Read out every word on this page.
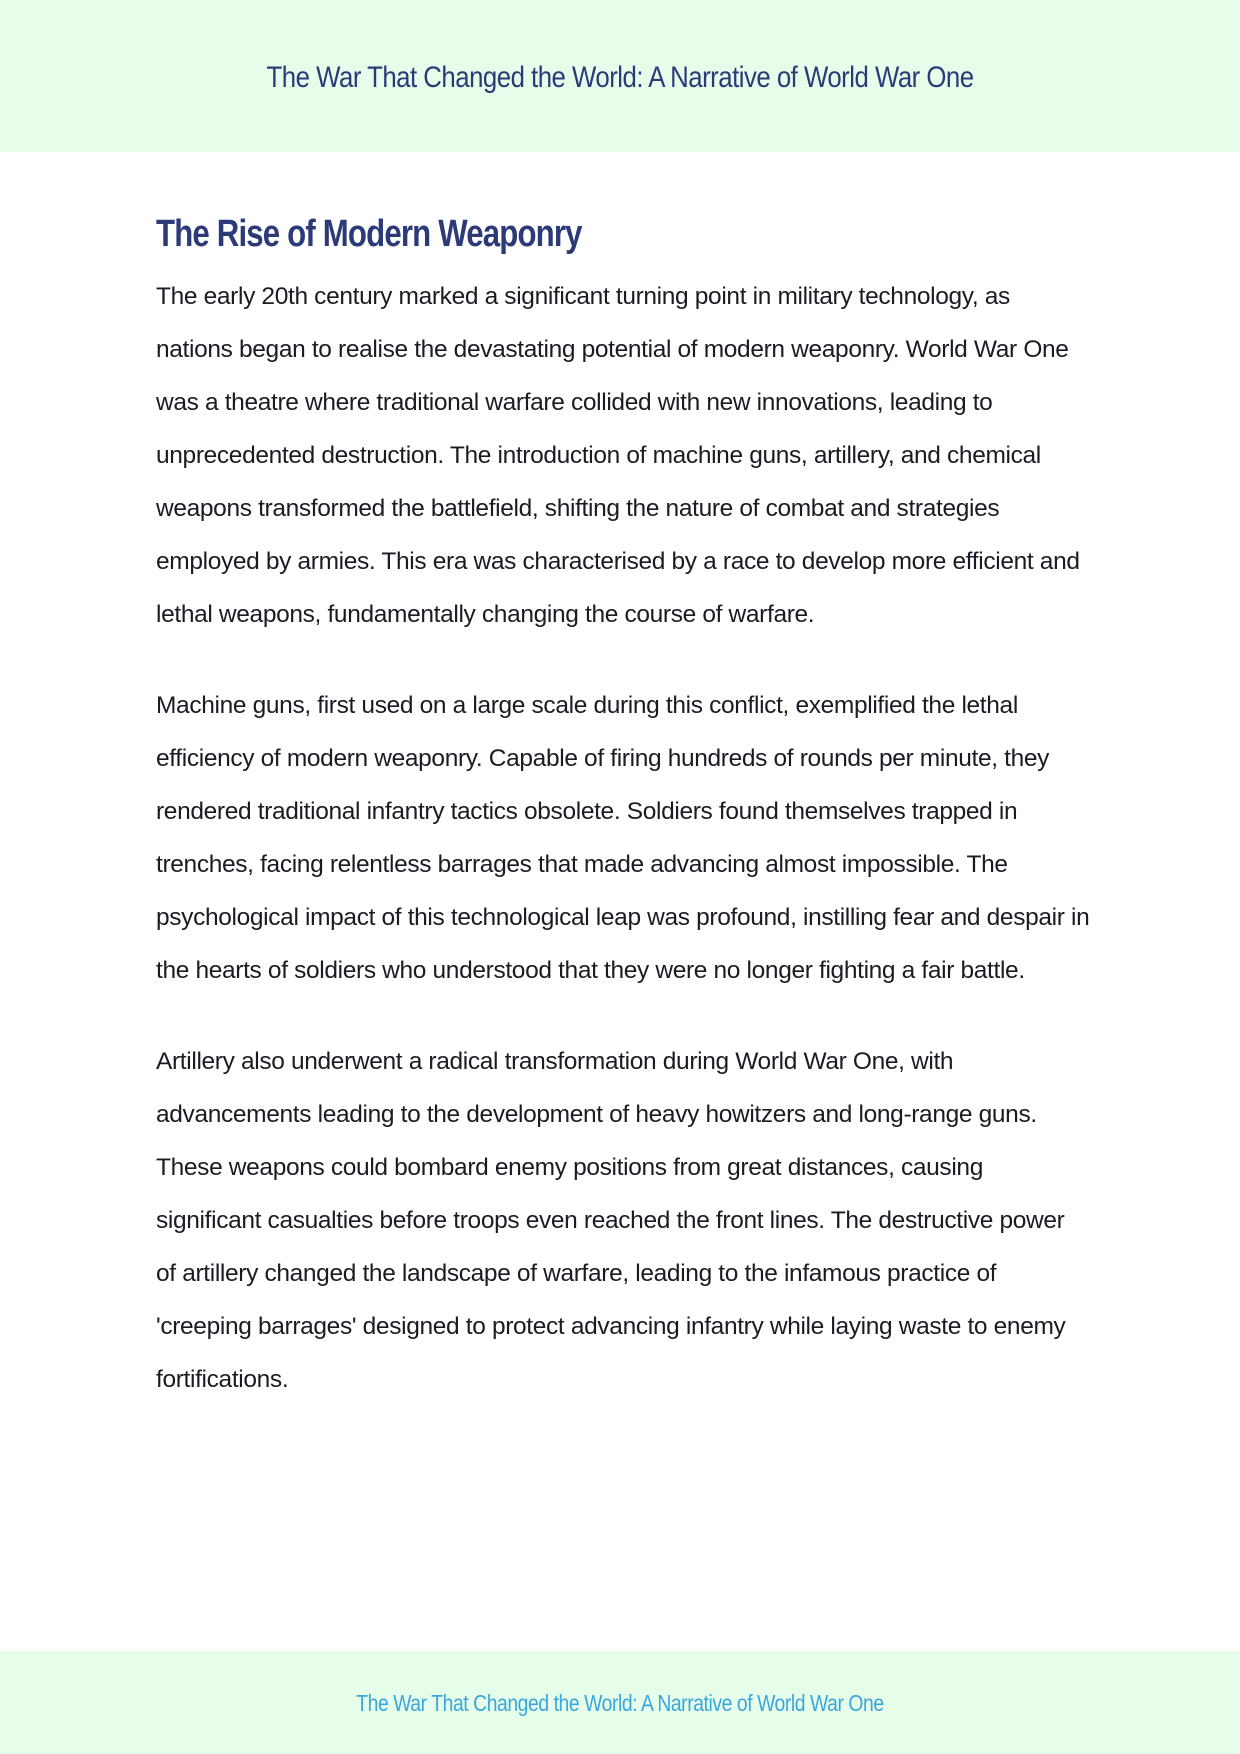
The War That Changed the World: A Narrative of World War One
The Rise of Modern Weaponry

The early 20th century marked a significant turning point in military technology, as nations began to realise the devastating potential of modern weaponry. World War One was a theatre where traditional warfare collided with new innovations, leading to unprecedented destruction. The introduction of machine guns, artillery, and chemical weapons transformed the battlefield, shifting the nature of combat and strategies employed by armies. This era was characterised by a race to develop more efficient and lethal weapons, fundamentally changing the course of warfare.

Machine guns, first used on a large scale during this conflict, exemplified the lethal efficiency of modern weaponry. Capable of firing hundreds of rounds per minute, they rendered traditional infantry tactics obsolete. Soldiers found themselves trapped in trenches, facing relentless barrages that made advancing almost impossible. The psychological impact of this technological leap was profound, instilling fear and despair in the hearts of soldiers who understood that they were no longer fighting a fair battle.

Artillery also underwent a radical transformation during World War One, with advancements leading to the development of heavy howitzers and long-range guns. These weapons could bombard enemy positions from great distances, causing significant casualties before troops even reached the front lines. The destructive power of artillery changed the landscape of warfare, leading to the infamous practice of 'creeping barrages' designed to protect advancing infantry while laying waste to enemy fortifications.

The War That Changed the World: A Narrative of World War One
